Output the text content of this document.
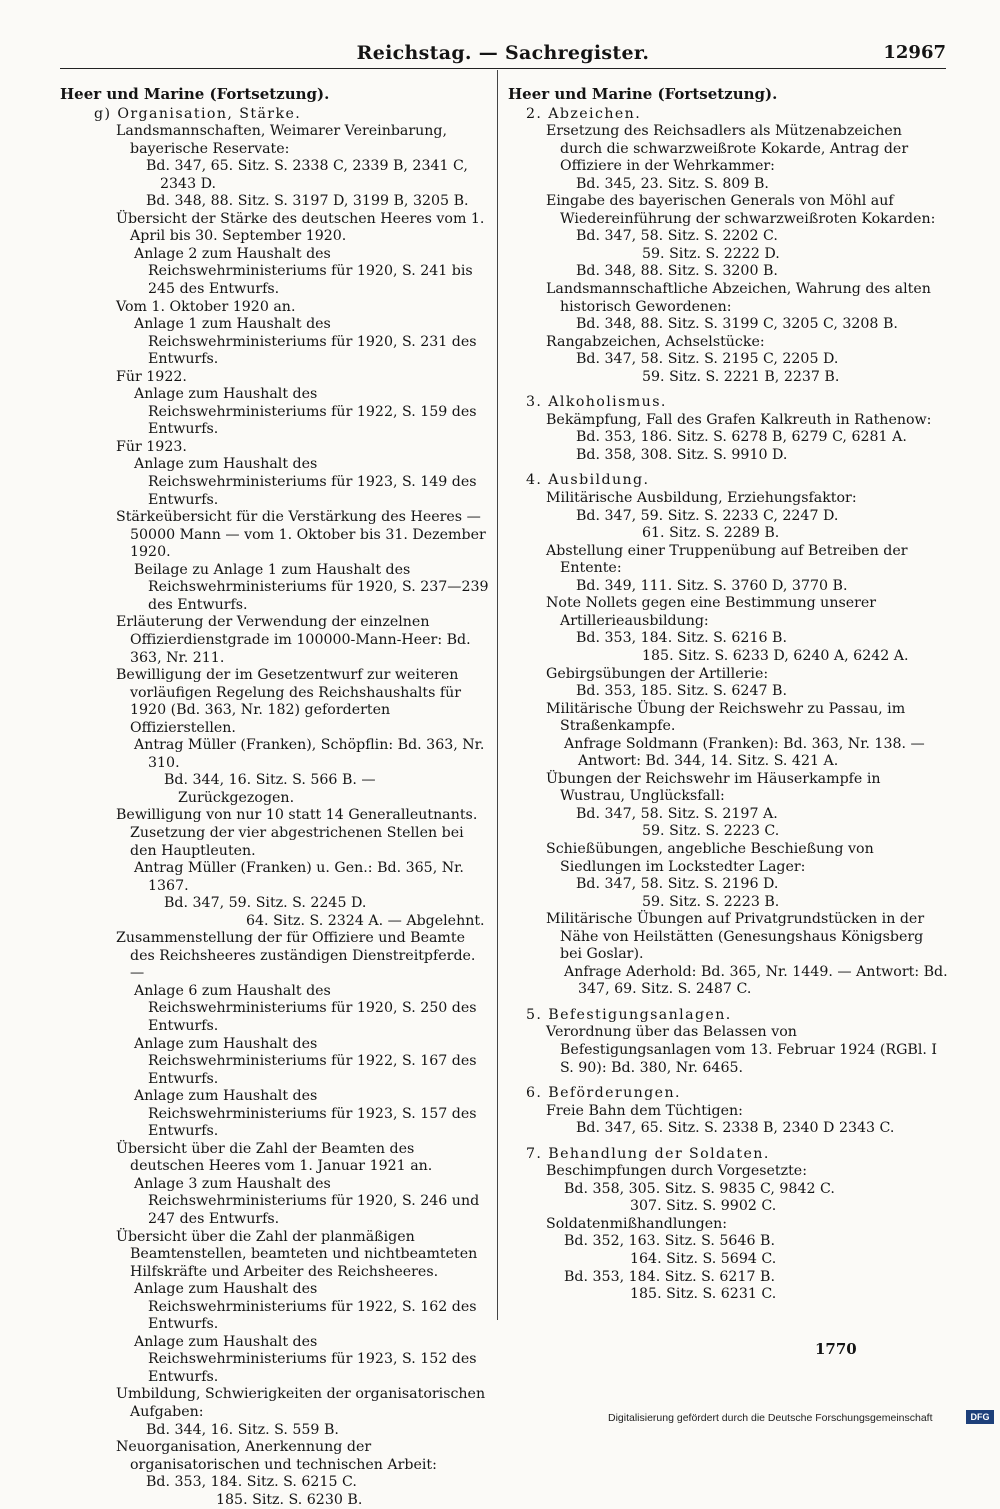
Reichstag. — Sachregister.	12967
Heer und Marine (Fortsetzung).
g) Organisation, Stärke.
Landsmannschaften, Weimarer Vereinbarung, bayerische Reservate:
Bd. 347, 65. Sitz. S. 2338 C, 2339 B, 2341 C, 2343 D.
Bd. 348, 88. Sitz. S. 3197 D, 3199 B, 3205 B.
Übersicht der Stärke des deutschen Heeres vom 1. April bis 30. September 1920.
Anlage 2 zum Haushalt des Reichswehrministeriums für 1920, S. 241 bis 245 des Entwurfs.
Vom 1. Oktober 1920 an.
Anlage 1 zum Haushalt des Reichswehrministeriums für 1920, S. 231 des Entwurfs.
Für 1922.
Anlage zum Haushalt des Reichswehrministeriums für 1922, S. 159 des Entwurfs.
Für 1923.
Anlage zum Haushalt des Reichswehrministeriums für 1923, S. 149 des Entwurfs.
Stärkeübersicht für die Verstärkung des Heeres — 50000 Mann — vom 1. Oktober bis 31. Dezember 1920.
Beilage zu Anlage 1 zum Haushalt des Reichswehrministeriums für 1920, S. 237—239 des Entwurfs.
Erläuterung der Verwendung der einzelnen Offizierdienstgrade im 100000-Mann-Heer: Bd. 363, Nr. 211.
Bewilligung der im Gesetzentwurf zur weiteren vorläufigen Regelung des Reichshaushalts für 1920 (Bd. 363, Nr. 182) geforderten Offizierstellen.
Antrag Müller (Franken), Schöpflin: Bd. 363, Nr. 310.
Bd. 344, 16. Sitz. S. 566 B. — Zurückgezogen.
Bewilligung von nur 10 statt 14 Generalleutnants. Zusetzung der vier abgestrichenen Stellen bei den Hauptleuten.
Antrag Müller (Franken) u. Gen.: Bd. 365, Nr. 1367.
Bd. 347, 59. Sitz. S. 2245 D.
64. Sitz. S. 2324 A. — Abgelehnt.
Zusammenstellung der für Offiziere und Beamte des Reichsheeres zuständigen Dienstreitpferde. —
Anlage 6 zum Haushalt des Reichswehrministeriums für 1920, S. 250 des Entwurfs.
Anlage zum Haushalt des Reichswehrministeriums für 1922, S. 167 des Entwurfs.
Anlage zum Haushalt des Reichswehrministeriums für 1923, S. 157 des Entwurfs.
Übersicht über die Zahl der Beamten des deutschen Heeres vom 1. Januar 1921 an.
Anlage 3 zum Haushalt des Reichswehrministeriums für 1920, S. 246 und 247 des Entwurfs.
Übersicht über die Zahl der planmäßigen Beamtenstellen, beamteten und nichtbeamteten Hilfskräfte und Arbeiter des Reichsheeres.
Anlage zum Haushalt des Reichswehrministeriums für 1922, S. 162 des Entwurfs.
Anlage zum Haushalt des Reichswehrministeriums für 1923, S. 152 des Entwurfs.
Umbildung, Schwierigkeiten der organisatorischen Aufgaben:
Bd. 344, 16. Sitz. S. 559 B.
Neuorganisation, Anerkennung der organisatorischen und technischen Arbeit:
Bd. 353, 184. Sitz. S. 6215 C.
185. Sitz. S. 6230 B.
Heer und Marine (Fortsetzung).
2. Abzeichen.
Ersetzung des Reichsadlers als Mützenabzeichen durch die schwarzweißrote Kokarde, Antrag der Offiziere in der Wehrkammer:
Bd. 345, 23. Sitz. S. 809 B.
Eingabe des bayerischen Generals von Möhl auf Wiedereinführung der schwarzweißroten Kokarden:
Bd. 347, 58. Sitz. S. 2202 C.
59. Sitz. S. 2222 D.
Bd. 348, 88. Sitz. S. 3200 B.
Landsmannschaftliche Abzeichen, Wahrung des alten historisch Gewordenen:
Bd. 348, 88. Sitz. S. 3199 C, 3205 C, 3208 B.
Rangabzeichen, Achselstücke:
Bd. 347, 58. Sitz. S. 2195 C, 2205 D.
59. Sitz. S. 2221 B, 2237 B.
3. Alkoholismus.
Bekämpfung, Fall des Grafen Kalkreuth in Rathenow:
Bd. 353, 186. Sitz. S. 6278 B, 6279 C, 6281 A.
Bd. 358, 308. Sitz. S. 9910 D.
4. Ausbildung.
Militärische Ausbildung, Erziehungsfaktor:
Bd. 347, 59. Sitz. S. 2233 C, 2247 D.
61. Sitz. S. 2289 B.
Abstellung einer Truppenübung auf Betreiben der Entente:
Bd. 349, 111. Sitz. S. 3760 D, 3770 B.
Note Nollets gegen eine Bestimmung unserer Artillerieausbildung:
Bd. 353, 184. Sitz. S. 6216 B.
185. Sitz. S. 6233 D, 6240 A, 6242 A.
Gebirgsübungen der Artillerie:
Bd. 353, 185. Sitz. S. 6247 B.
Militärische Übung der Reichswehr zu Passau, im Straßenkampfe.
Anfrage Soldmann (Franken): Bd. 363, Nr. 138. — Antwort: Bd. 344, 14. Sitz. S. 421 A.
Übungen der Reichswehr im Häuserkampfe in Wustrau, Unglücksfall:
Bd. 347, 58. Sitz. S. 2197 A.
59. Sitz. S. 2223 C.
Schießübungen, angebliche Beschießung von Siedlungen im Lockstedter Lager:
Bd. 347, 58. Sitz. S. 2196 D.
59. Sitz. S. 2223 B.
Militärische Übungen auf Privatgrundstücken in der Nähe von Heilstätten (Genesungshaus Königsberg bei Goslar).
Anfrage Aderhold: Bd. 365, Nr. 1449. — Antwort: Bd. 347, 69. Sitz. S. 2487 C.
5. Befestigungsanlagen.
Verordnung über das Belassen von Befestigungsanlagen vom 13. Februar 1924 (RGBl. I S. 90): Bd. 380, Nr. 6465.
6. Beförderungen.
Freie Bahn dem Tüchtigen:
Bd. 347, 65. Sitz. S. 2338 B, 2340 D 2343 C.
7. Behandlung der Soldaten.
Beschimpfungen durch Vorgesetzte:
Bd. 358, 305. Sitz. S. 9835 C, 9842 C.
307. Sitz. S. 9902 C.
Soldatenmißhandlungen:
Bd. 352, 163. Sitz. S. 5646 B.
164. Sitz. S. 5694 C.
Bd. 353, 184. Sitz. S. 6217 B.
185. Sitz. S. 6231 C.
1770
Digitalisierung gefördert durch die Deutsche Forschungsgemeinschaft	DFG
